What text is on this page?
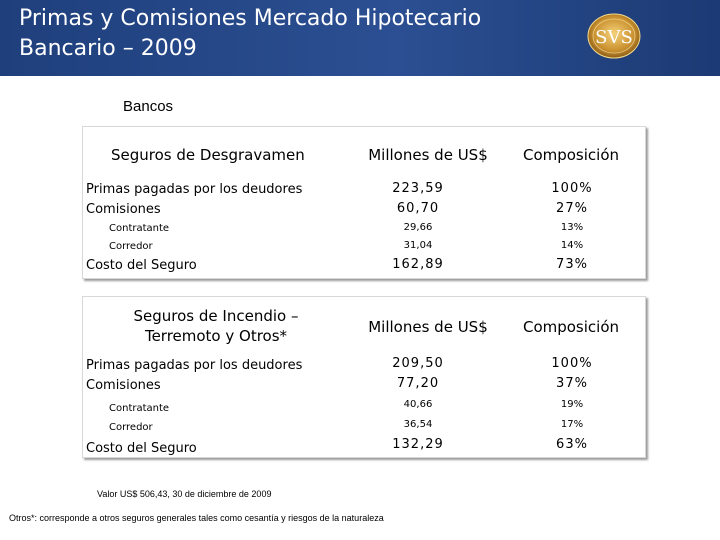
Primas y Comisiones Mercado Hipotecario
Bancario – 2009	SVS
Bancos
Seguros de Desgravamen	Millones de US$	Composición
Primas pagadas por los deudores	223,59	100%
Comisiones	60,70	27%
Contratante	29,66	13%
Corredor	31,04	14%
Costo del Seguro	162,89	73%
Seguros de Incendio –
Terremoto y Otros*	Millones de US$	Composición
Primas pagadas por los deudores	209,50	100%
Comisiones	77,20	37%
Contratante	40,66	19%
Corredor	36,54	17%
Costo del Seguro	132,29	63%
Valor US$ 506,43, 30 de diciembre de 2009
Otros*: corresponde a otros seguros generales tales como cesantía y riesgos de la naturaleza
